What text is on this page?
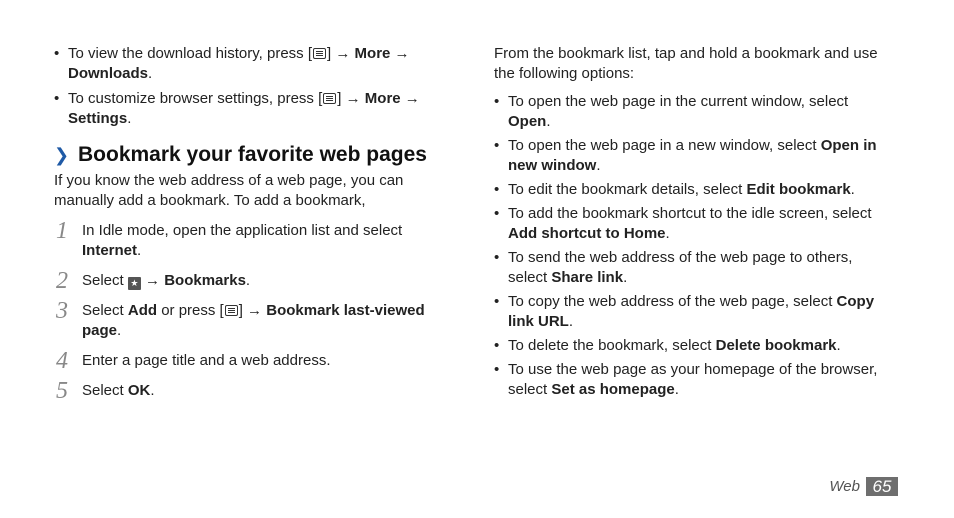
• To view the download history, press [ ] → More →
Downloads.
• To customize browser settings, press [ ] → More →
Settings.
❯ Bookmark your favorite web pages
If you know the web address of a web page, you can manually add a bookmark. To add a bookmark,
1 In Idle mode, open the application list and select Internet.
2 Select ★ → Bookmarks.
3 Select Add or press [ ] → Bookmark last-viewed page.
4 Enter a page title and a web address.
5 Select OK.
From the bookmark list, tap and hold a bookmark and use the following options:
• To open the web page in the current window, select Open.
• To open the web page in a new window, select Open in new window.
• To edit the bookmark details, select Edit bookmark.
• To add the bookmark shortcut to the idle screen, select Add shortcut to Home.
• To send the web address of the web page to others, select Share link.
• To copy the web address of the web page, select Copy link URL.
• To delete the bookmark, select Delete bookmark.
• To use the web page as your homepage of the browser, select Set as homepage.
Web 65
